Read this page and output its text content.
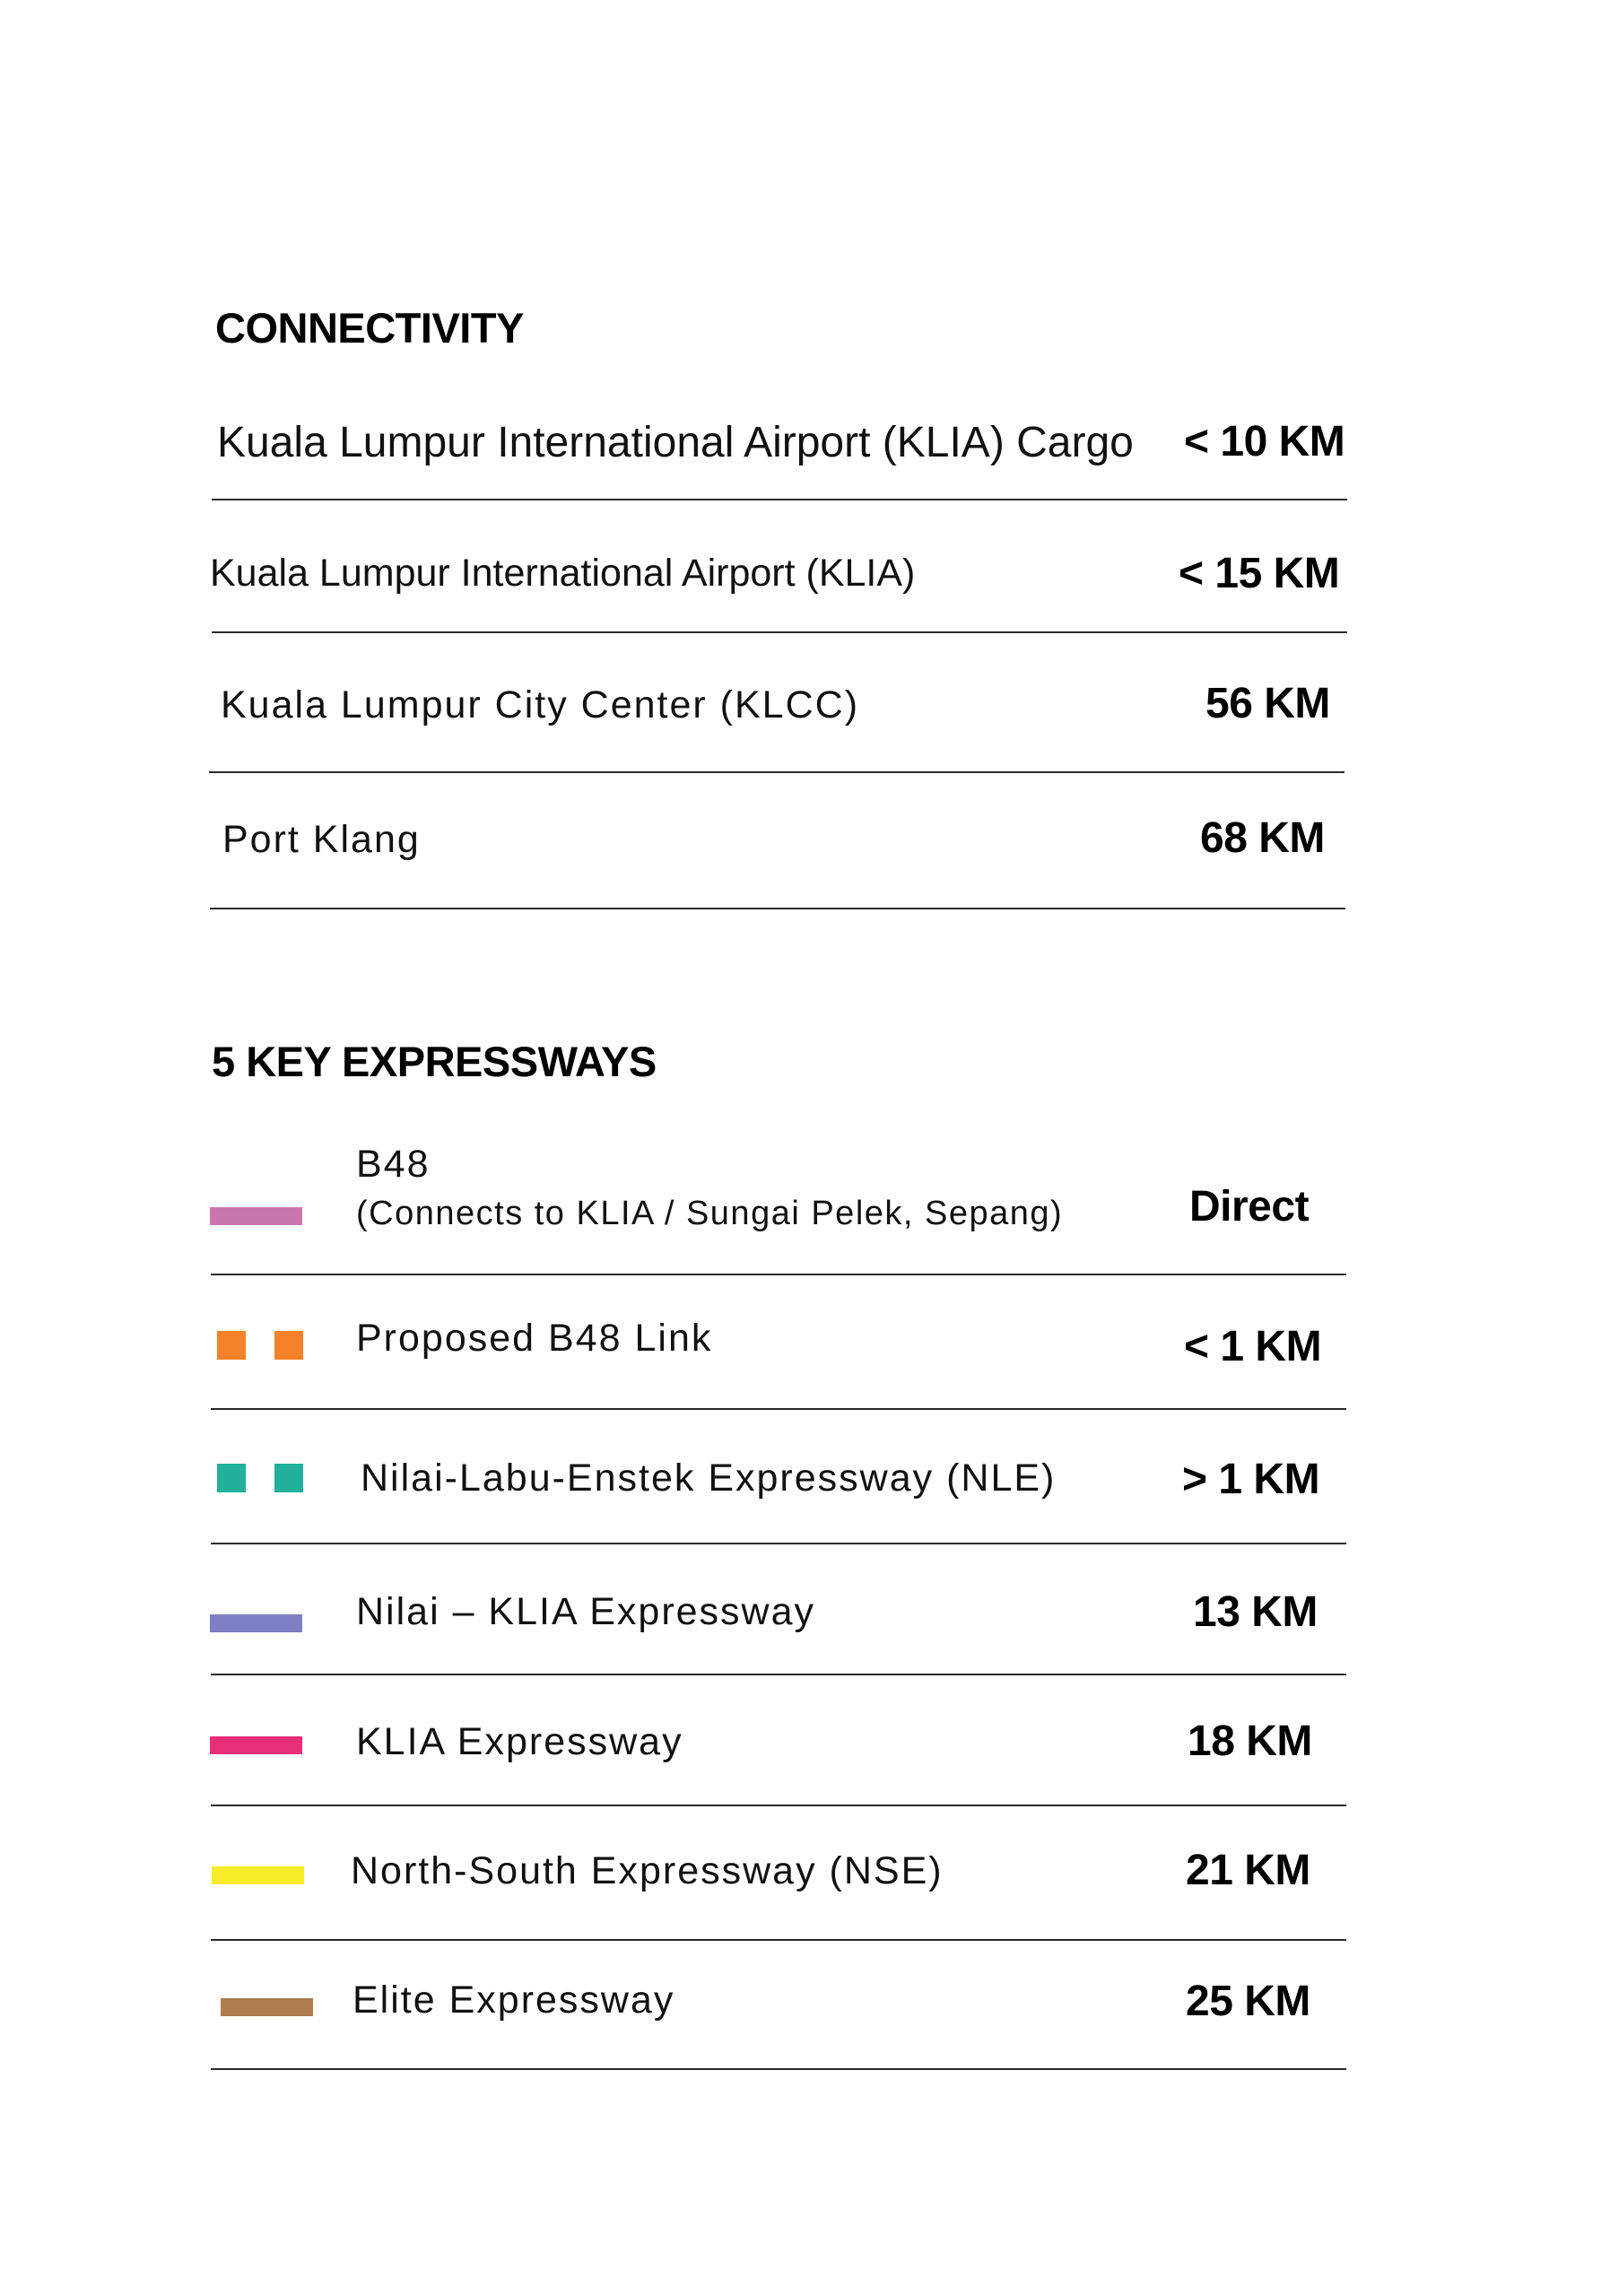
CONNECTIVITY
Kuala Lumpur International Airport (KLIA) Cargo < 10 KM
Kuala Lumpur International Airport (KLIA)	< 15 KM
Kuala Lumpur City Center (KLCC)	56 KM
Port Klang	68 KM
5 KEY EXPRESSWAYS
B48
(Connects to KLIA / Sungai Pelek, Sepang)	Direct
Proposed B48 Link	< 1 KM
Nilai-Labu-Enstek Expressway (NLE)	> 1 KM
Nilai – KLIA Expressway	13 KM
KLIA Expressway	18 KM
North-South Expressway (NSE)	21 KM
Elite Expressway	25 KM
